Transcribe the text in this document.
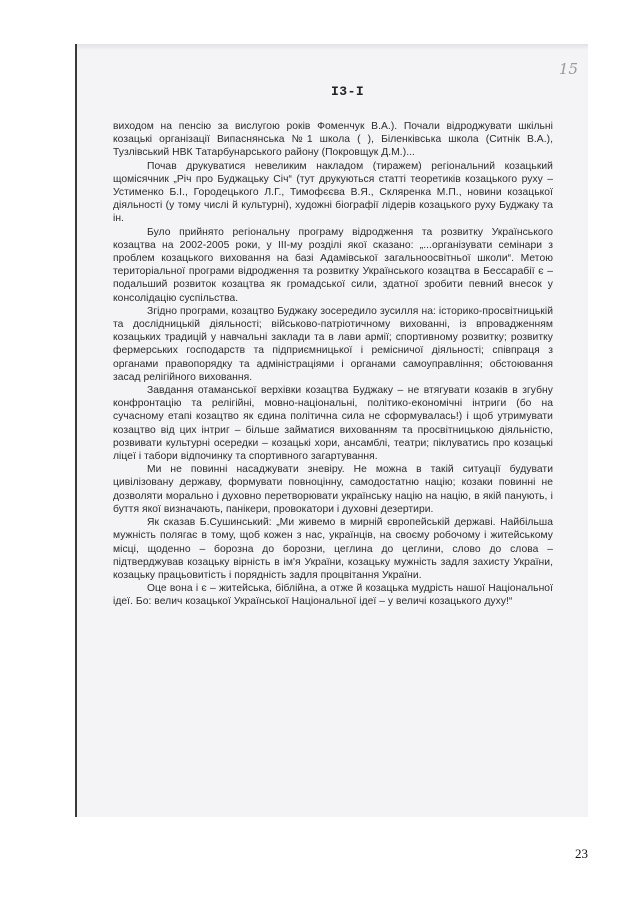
15
I3-I

виходом на пенсію за вислугою років Фоменчук В.А.). Почали відроджувати шкільні козацькі організації Випаснянська №1 школа ( ), Біленківська школа (Ситнік В.А.), Тузлівський НВК Татарбунарського району (Покровщук Д.М.)...

Почав друкуватися невеликим накладом (тиражем) регіональний козацький щомісячник „Річ про Буджацьку Січ“ (тут друкуються статті теоретиків козацького руху – Устименко Б.І., Городецького Л.Г., Тимофєєва В.Я., Скляренка М.П., новини козацької діяльності (у тому числі й культурні), художні біографії лідерів козацького руху Буджаку та ін.

Було прийнято регіональну програму відродження та розвитку Українського козацтва на 2002-2005 роки, у III-му розділі якої сказано: „...організувати семінари з проблем козацького виховання на базі Адамівської загальноосвітньої школи“. Метою територіальної програми відродження та розвитку Українського козацтва в Бессарабії є – подальший розвиток козацтва як громадської сили, здатної зробити певний внесок у консолідацію суспільства.

Згідно програми, козацтво Буджаку зосередило зусилля на: історико-просвітницькій та дослідницькій діяльності; військово-патріотичному вихованні, із впровадженням козацьких традицій у навчальні заклади та в лави армії; спортивному розвитку; розвитку фермерських господарств та підприємницької і ремісничої діяльності; співпраця з органами правопорядку та адміністраціями і органами самоуправління; обстоювання засад релігійного виховання.

Завдання отаманської верхівки козацтва Буджаку – не втягувати козаків в згубну конфронтацію та релігійні, мовно-національні, політико-економічні інтриги (бо на сучасному етапі козацтво як єдина політична сила не сформувалась!) і щоб утримувати козацтво від цих інтриг – більше займатися вихованням та просвітницькою діяльністю, розвивати культурні осередки – козацькі хори, ансамблі, театри; піклуватись про козацькі ліцеї і табори відпочинку та спортивного загартування.

Ми не повинні насаджувати зневіру. Не можна в такій ситуації будувати цивілізовану державу, формувати повноцінну, самодостатню націю; козаки повинні не дозволяти морально і духовно перетворювати українську націю на націю, в якій панують, і буття якої визначають, панікери, провокатори і духовні дезертири.

Як сказав Б.Сушинський: „Ми живемо в мирній європейській державі. Найбільша мужність полягає в тому, щоб кожен з нас, українців, на своєму робочому і житейському місці, щоденно – борозна до борозни, цеглина до цеглини, слово до слова – підтверджував козацьку вірність в ім'я України, козацьку мужність задля захисту України, козацьку працьовитість і порядність задля процвітання України.

Оце вона і є – житейська, біблійна, а отже й козацька мудрість нашої Національної ідеї. Бо: велич козацької Української Національної ідеї – у величі козацького духу!“

23
